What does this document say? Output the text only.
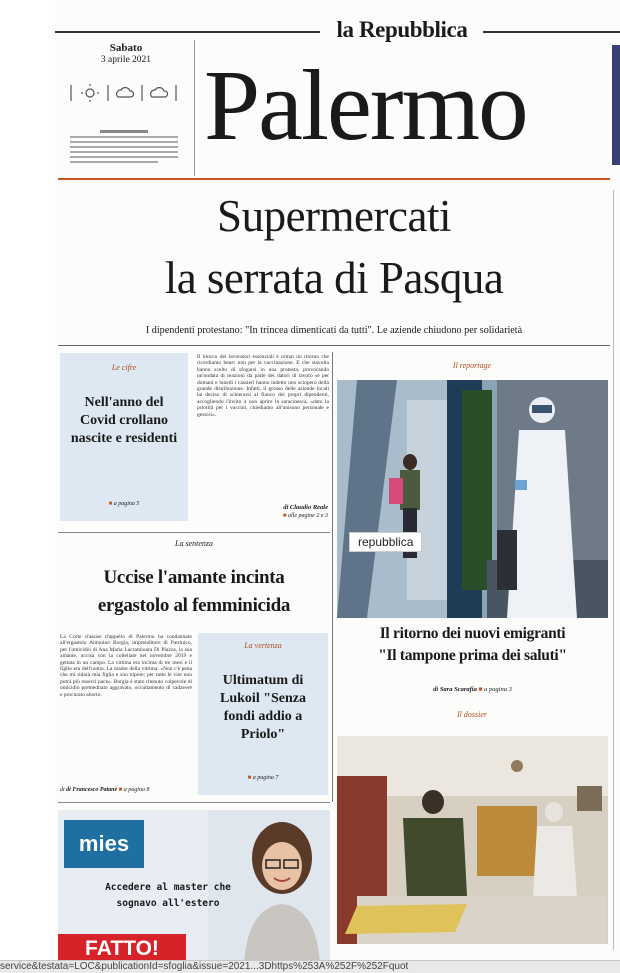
la Repubblica
Sabato
3 aprile 2021 Palermo
Supermercati
la serrata di Pasqua
I dipendenti protestano: "In trincea dimenticati da tutti". Le aziende chiudono per solidarietà
Le cifre
Nell'anno del Covid crollano nascite e residenti
■ a pagina 5
Il blocco dei lavoratori essenziali è ormai un ritorno che ricordiamo bene: non per la vaccinazione. E che stavolta hanno scelto di sfogarsi in una protesta, provocando un'ondata di reazioni da parte dei datori di lavoro se per domani e lunedì i cassieri hanno indetto uno sciopero della grande distribuzione. Infatti, il grosso delle aziende locali ha deciso di schierarsi al fianco dei propri dipendenti, accogliendo l'invito a non aprire la saracinesca, «dato la priorità per i vaccini, chiediamo all'unisono personale e gestori».
di Claudio Reale
■ alle pagine 2 e 3
Il reportage
repubblica
Il ritorno dei nuovi emigranti
"Il tampone prima dei saluti"
di Sara Scarafia ■ a pagina 3
Il dossier
La sentenza
Uccise l'amante incinta
ergastolo al femminicida
La Corte d'assise d'appello di Palermo ha condannato all'ergastolo Antonino Borgia, imprenditore di Partinico, per l'omicidio di Ana Maria Lacramioara Di Piazza, la sua amante, uccisa con la coltellate nel novembre 2019 e gettata in un campo. La vittima era incinta di tre mesi e il figlio era dell'uomo. La madre della vittima: «Non c'è pena che mi ridarà mia figlia e suo nipote; per tutte le vite non potrà più esserci pace». Borgia è stato ritenuto colpevole di omicidio premeditato aggravato, occultamento di cadavere e procurato aborto.
di di Francesco Patanè ■ a pagina 8
La vertenza
Ultimatum di Lukoil "Senza fondi addio a Priolo"
■ a pagina 7
mies
Accedere al master che sognavo all'estero
FATTO!
service&testata=LOC&publicationId=sfoglia&issue=2021...3Dhttps%253A%252F%252Fquot
